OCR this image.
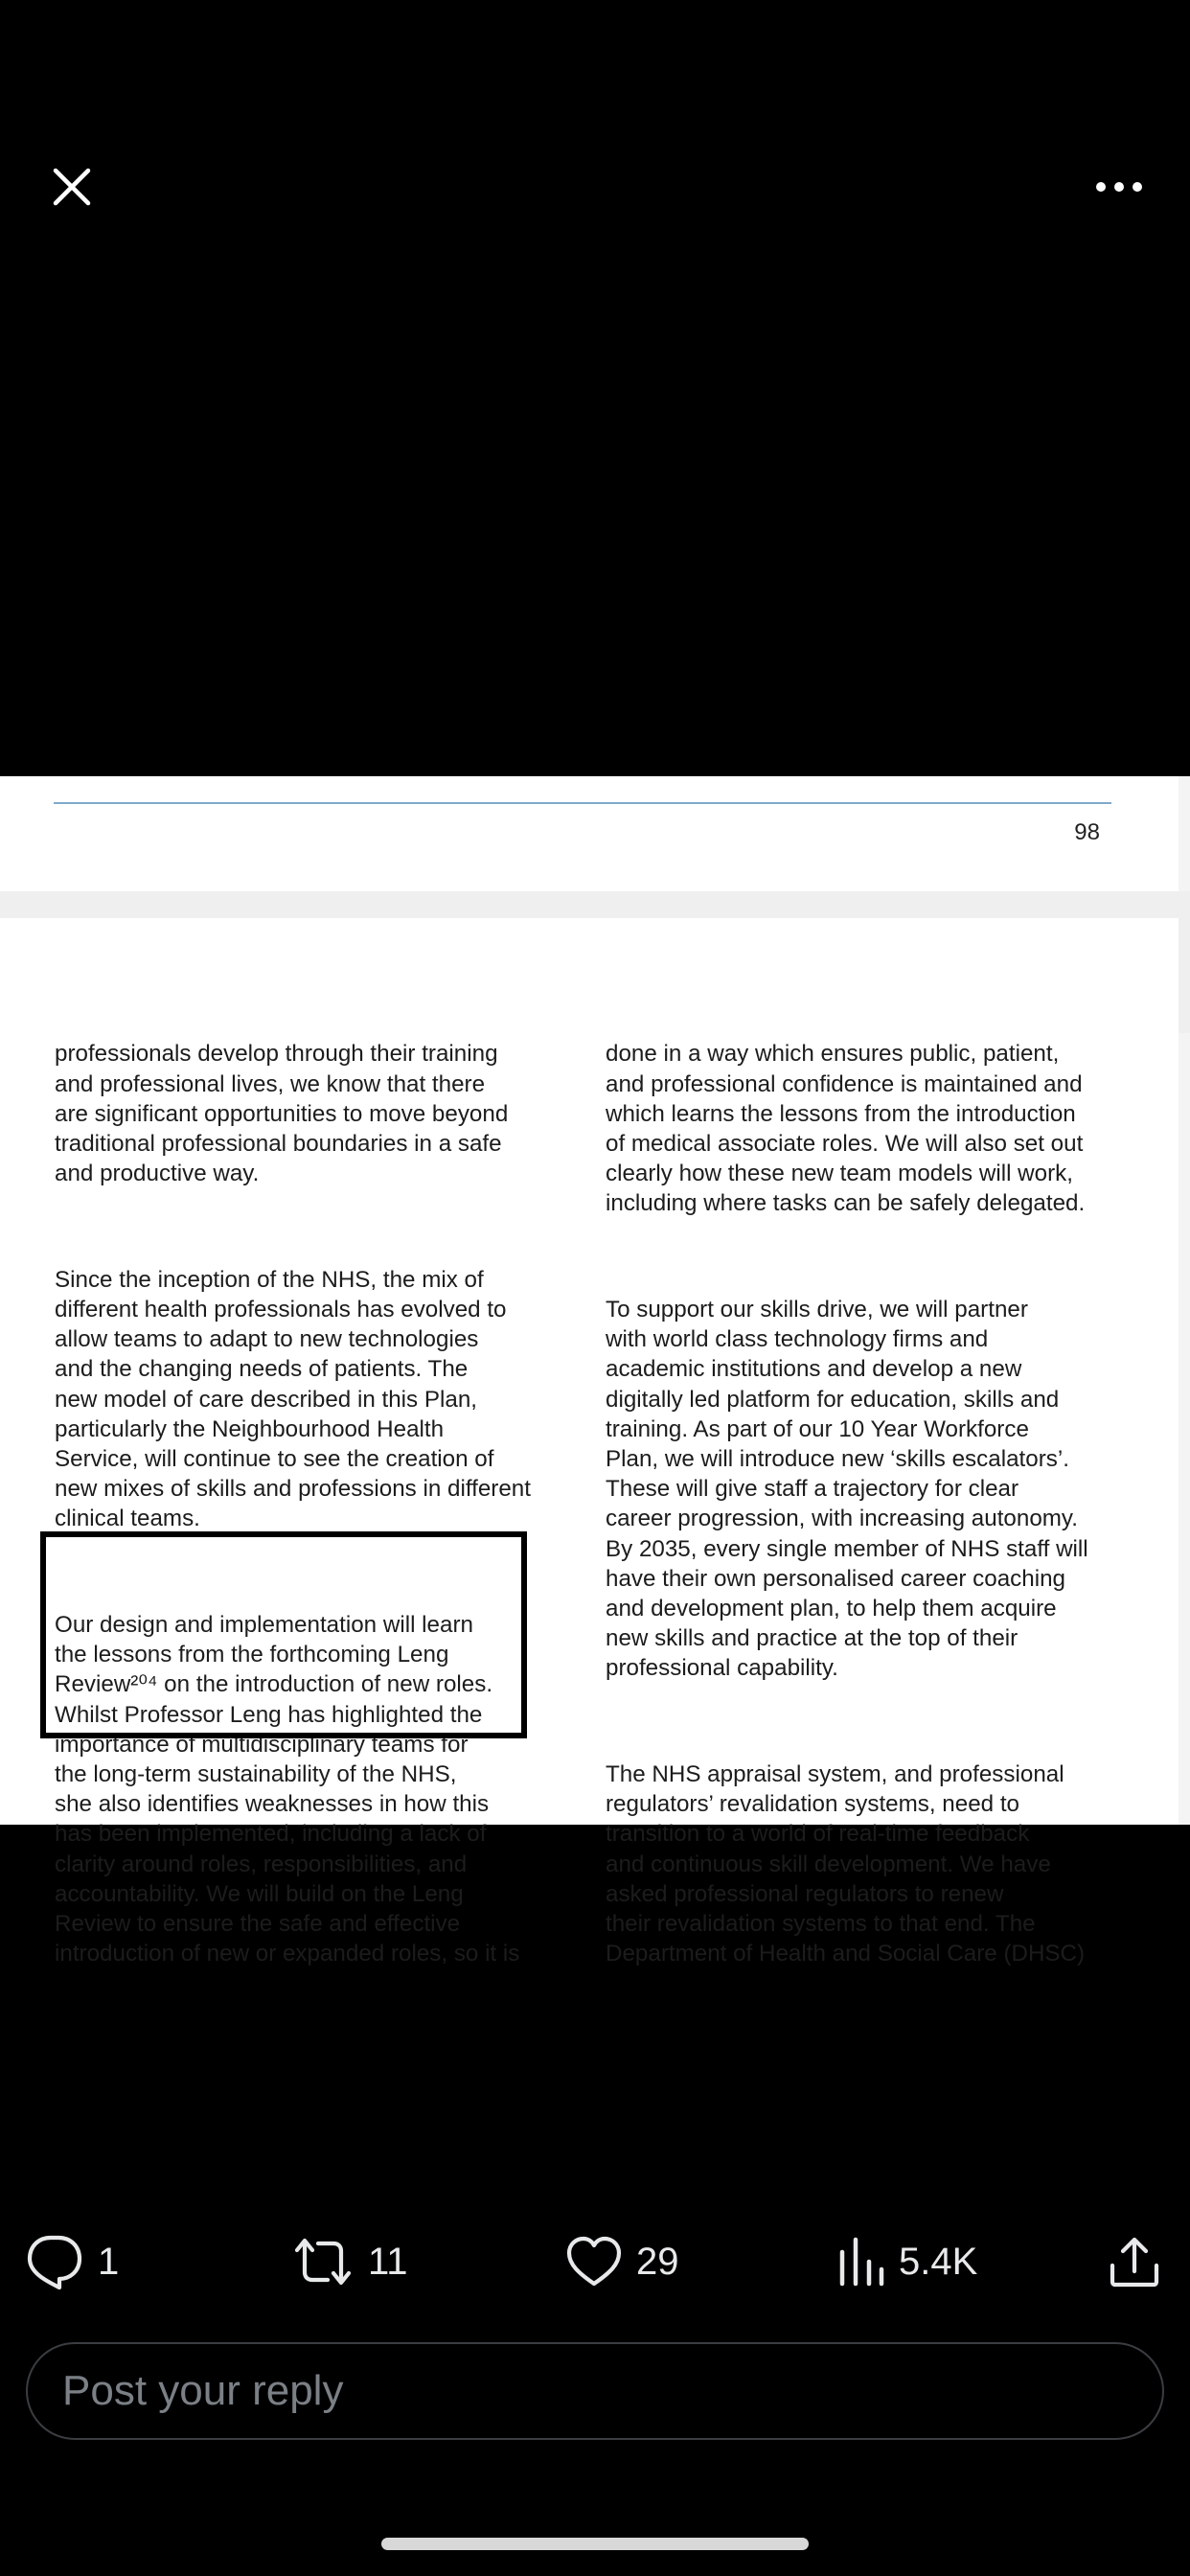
98

professionals develop through their training
and professional lives, we know that there
are significant opportunities to move beyond
traditional professional boundaries in a safe
and productive way.

Since the inception of the NHS, the mix of
different health professionals has evolved to
allow teams to adapt to new technologies
and the changing needs of patients. The
new model of care described in this Plan,
particularly the Neighbourhood Health
Service, will continue to see the creation of
new mixes of skills and professions in different
clinical teams.

Our design and implementation will learn
the lessons from the forthcoming Leng
Review²⁰⁴ on the introduction of new roles.
Whilst Professor Leng has highlighted the
importance of multidisciplinary teams for
the long-term sustainability of the NHS,
she also identifies weaknesses in how this
has been implemented, including a lack of
clarity around roles, responsibilities, and
accountability. We will build on the Leng
Review to ensure the safe and effective
introduction of new or expanded roles, so it is

done in a way which ensures public, patient,
and professional confidence is maintained and
which learns the lessons from the introduction
of medical associate roles. We will also set out
clearly how these new team models will work,
including where tasks can be safely delegated.

To support our skills drive, we will partner
with world class technology firms and
academic institutions and develop a new
digitally led platform for education, skills and
training. As part of our 10 Year Workforce
Plan, we will introduce new ‘skills escalators’.
These will give staff a trajectory for clear
career progression, with increasing autonomy.
By 2035, every single member of NHS staff will
have their own personalised career coaching
and development plan, to help them acquire
new skills and practice at the top of their
professional capability.

The NHS appraisal system, and professional
regulators’ revalidation systems, need to
transition to a world of real-time feedback
and continuous skill development. We have
asked professional regulators to renew
their revalidation systems to that end. The
Department of Health and Social Care (DHSC)

1	11	29	5.4K
Post your reply
